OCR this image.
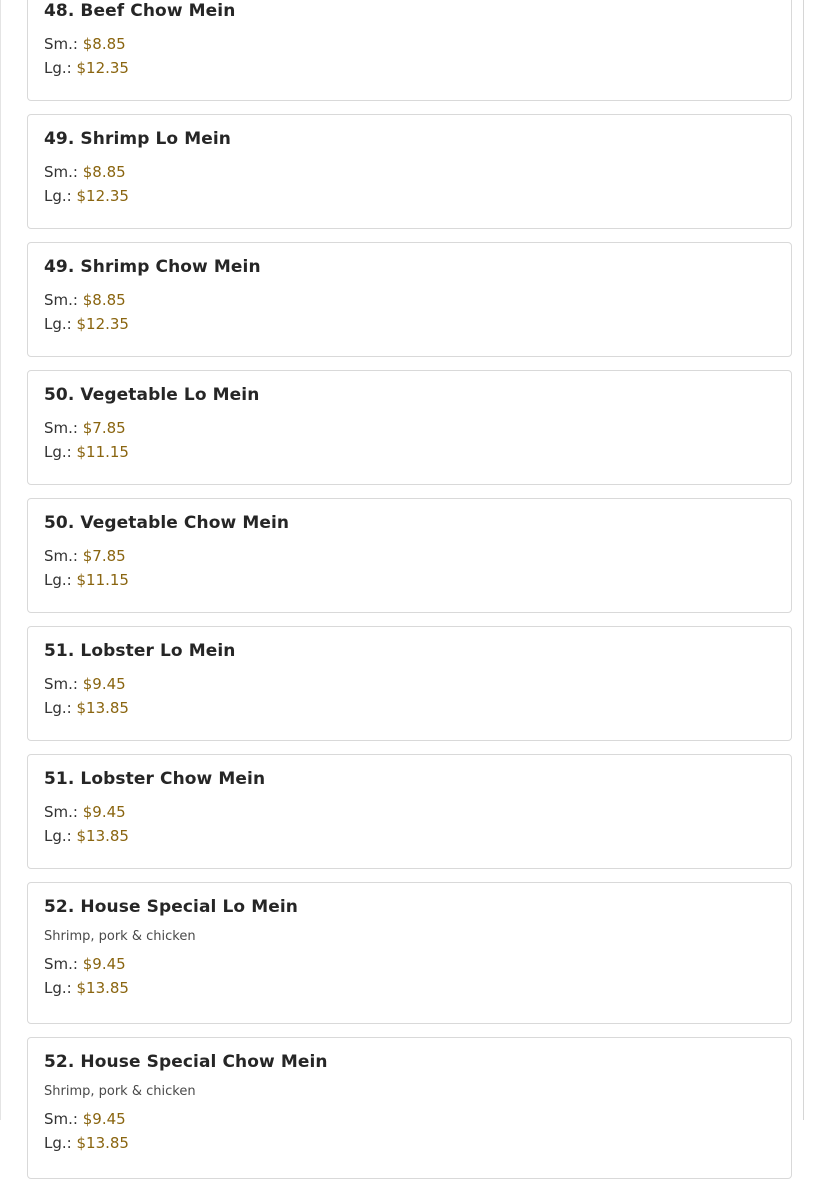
48. Beef Chow Mein
Sm.: $8.85
Lg.: $12.35
49. Shrimp Lo Mein
Sm.: $8.85
Lg.: $12.35
49. Shrimp Chow Mein
Sm.: $8.85
Lg.: $12.35
50. Vegetable Lo Mein
Sm.: $7.85
Lg.: $11.15
50. Vegetable Chow Mein
Sm.: $7.85
Lg.: $11.15
51. Lobster Lo Mein
Sm.: $9.45
Lg.: $13.85
51. Lobster Chow Mein
Sm.: $9.45
Lg.: $13.85
52. House Special Lo Mein
Shrimp, pork & chicken
Sm.: $9.45
Lg.: $13.85
52. House Special Chow Mein
Shrimp, pork & chicken
Sm.: $9.45
Lg.: $13.85
